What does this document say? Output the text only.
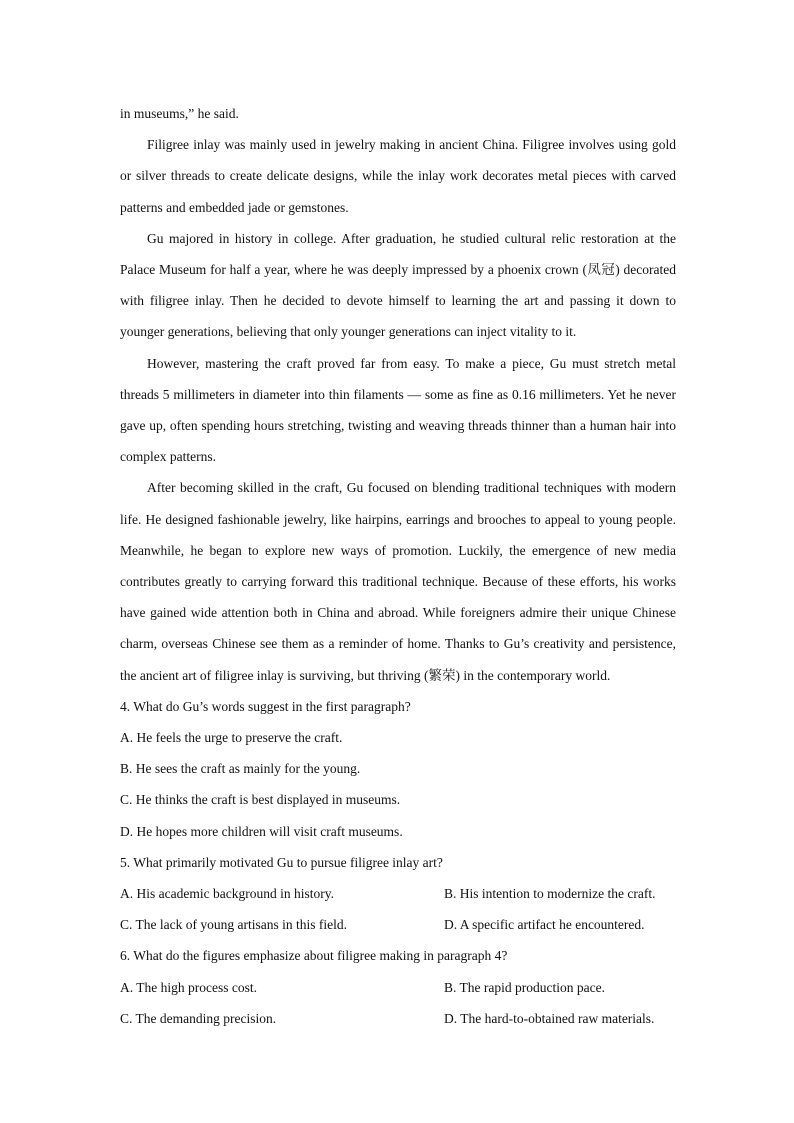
in museums,” he said.

Filigree inlay was mainly used in jewelry making in ancient China. Filigree involves using gold or silver threads to create delicate designs, while the inlay work decorates metal pieces with carved patterns and embedded jade or gemstones.

Gu majored in history in college. After graduation, he studied cultural relic restoration at the Palace Museum for half a year, where he was deeply impressed by a phoenix crown (凤冠) decorated with filigree inlay. Then he decided to devote himself to learning the art and passing it down to younger generations, believing that only younger generations can inject vitality to it.

However, mastering the craft proved far from easy. To make a piece, Gu must stretch metal threads 5 millimeters in diameter into thin filaments — some as fine as 0.16 millimeters. Yet he never gave up, often spending hours stretching, twisting and weaving threads thinner than a human hair into complex patterns.

After becoming skilled in the craft, Gu focused on blending traditional techniques with modern life. He designed fashionable jewelry, like hairpins, earrings and brooches to appeal to young people. Meanwhile, he began to explore new ways of promotion. Luckily, the emergence of new media contributes greatly to carrying forward this traditional technique. Because of these efforts, his works have gained wide attention both in China and abroad. While foreigners admire their unique Chinese charm, overseas Chinese see them as a reminder of home. Thanks to Gu’s creativity and persistence, the ancient art of filigree inlay is surviving, but thriving (繁荣) in the contemporary world.

4. What do Gu’s words suggest in the first paragraph?

A. He feels the urge to preserve the craft.

B. He sees the craft as mainly for the young.

C. He thinks the craft is best displayed in museums.

D. He hopes more children will visit craft museums.

5. What primarily motivated Gu to pursue filigree inlay art?

A. His academic background in history.	B. His intention to modernize the craft.
C. The lack of young artisans in this field.	D. A specific artifact he encountered.

6. What do the figures emphasize about filigree making in paragraph 4?

A. The high process cost.	B. The rapid production pace.
C. The demanding precision.	D. The hard-to-obtained raw materials.
